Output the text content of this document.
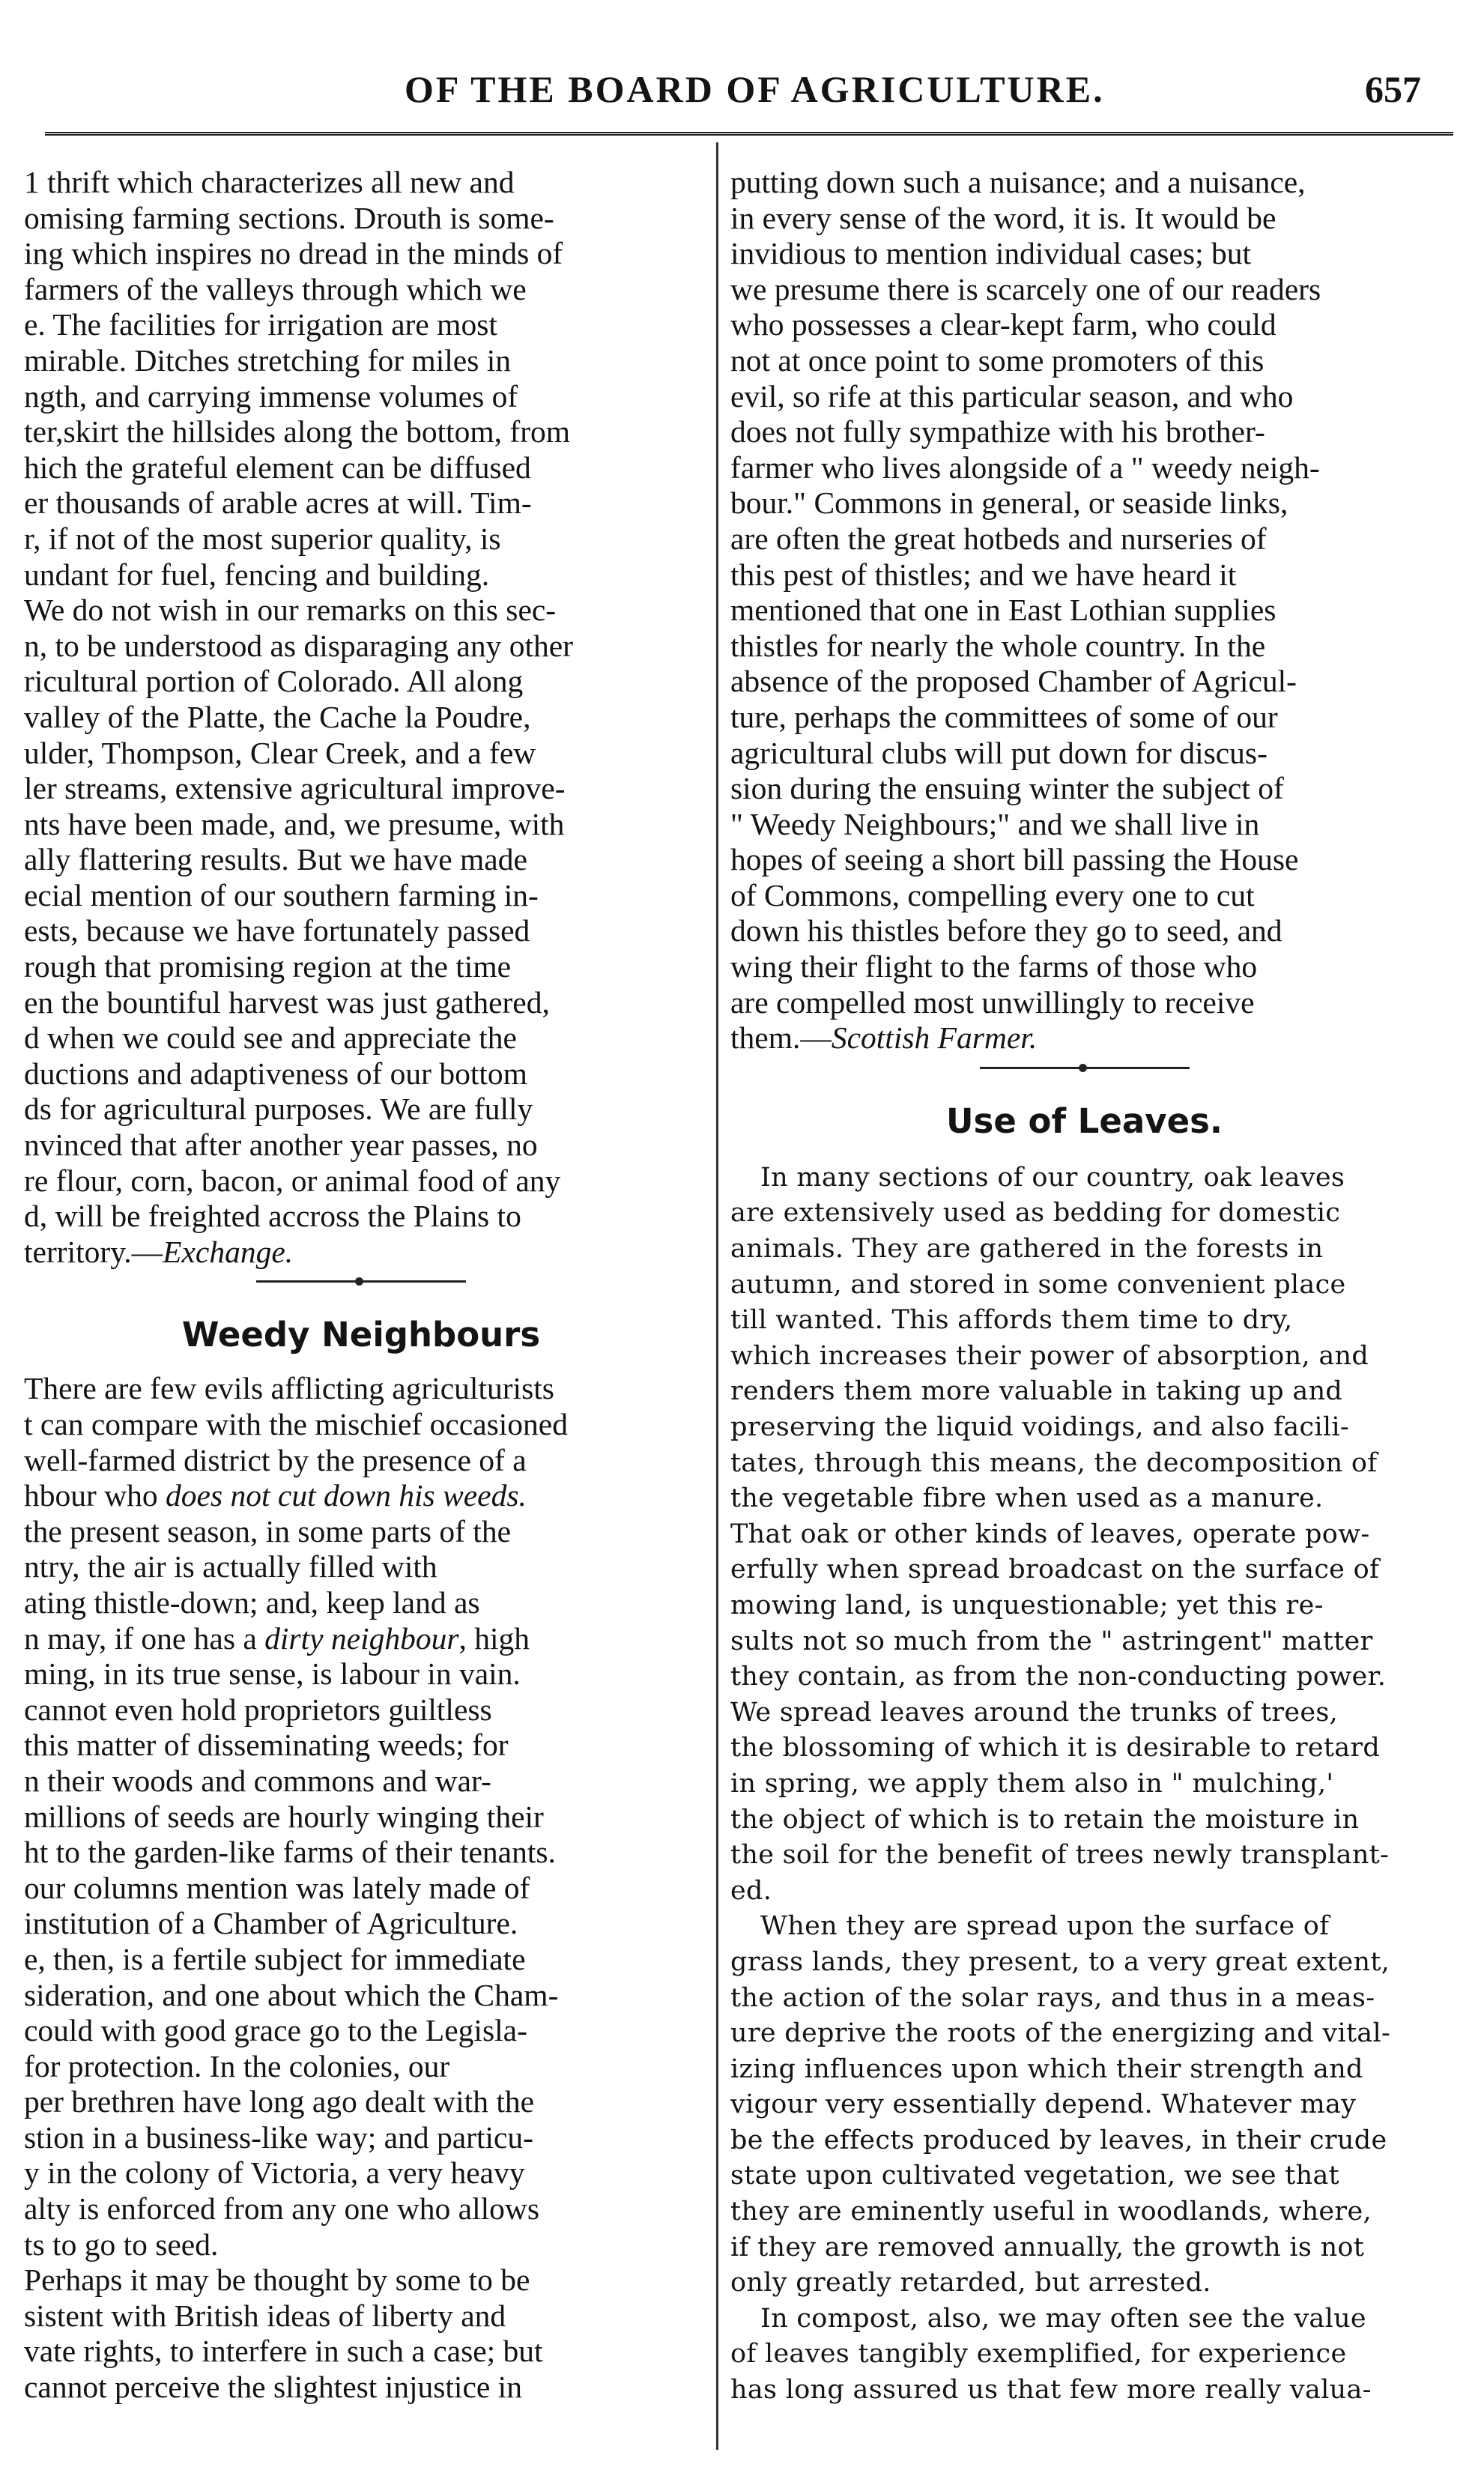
OF THE BOARD OF AGRICULTURE.	657
1 thrift which characterizes all new and
omising farming sections. Drouth is some-
ing which inspires no dread in the minds of
farmers of the valleys through which we
e. The facilities for irrigation are most
mirable. Ditches stretching for miles in
ngth, and carrying immense volumes of
ter,skirt the hillsides along the bottom, from
hich the grateful element can be diffused
er thousands of arable acres at will. Tim-
r, if not of the most superior quality, is
undant for fuel, fencing and building.
We do not wish in our remarks on this sec-
n, to be understood as disparaging any other
ricultural portion of Colorado. All along
valley of the Platte, the Cache la Poudre,
ulder, Thompson, Clear Creek, and a few
ler streams, extensive agricultural improve-
nts have been made, and, we presume, with
ally flattering results. But we have made
ecial mention of our southern farming in-
ests, because we have fortunately passed
rough that promising region at the time
en the bountiful harvest was just gathered,
d when we could see and appreciate the
ductions and adaptiveness of our bottom
ds for agricultural purposes. We are fully
nvinced that after another year passes, no
re flour, corn, bacon, or animal food of any
d, will be freighted accross the Plains to
territory.—Exchange.
Weedy Neighbours
There are few evils afflicting agriculturists
t can compare with the mischief occasioned
well-farmed district by the presence of a
hbour who does not cut down his weeds.
the present season, in some parts of the
ntry, the air is actually filled with
ating thistle-down; and, keep land as
n may, if one has a dirty neighbour, high
ming, in its true sense, is labour in vain.
cannot even hold proprietors guiltless
this matter of disseminating weeds; for
n their woods and commons and war-
millions of seeds are hourly winging their
ht to the garden-like farms of their tenants.
our columns mention was lately made of
institution of a Chamber of Agriculture.
e, then, is a fertile subject for immediate
sideration, and one about which the Cham-
could with good grace go to the Legisla-
for protection. In the colonies, our
per brethren have long ago dealt with the
stion in a business-like way; and particu-
y in the colony of Victoria, a very heavy
alty is enforced from any one who allows
ts to go to seed.
Perhaps it may be thought by some to be
sistent with British ideas of liberty and
vate rights, to interfere in such a case; but
cannot perceive the slightest injustice in
putting down such a nuisance; and a nuisance,
in every sense of the word, it is. It would be
invidious to mention individual cases; but
we presume there is scarcely one of our readers
who possesses a clear-kept farm, who could
not at once point to some promoters of this
evil, so rife at this particular season, and who
does not fully sympathize with his brother-
farmer who lives alongside of a " weedy neigh-
bour." Commons in general, or seaside links,
are often the great hotbeds and nurseries of
this pest of thistles; and we have heard it
mentioned that one in East Lothian supplies
thistles for nearly the whole country. In the
absence of the proposed Chamber of Agricul-
ture, perhaps the committees of some of our
agricultural clubs will put down for discus-
sion during the ensuing winter the subject of
" Weedy Neighbours;" and we shall live in
hopes of seeing a short bill passing the House
of Commons, compelling every one to cut
down his thistles before they go to seed, and
wing their flight to the farms of those who
are compelled most unwillingly to receive
them.—Scottish Farmer.
Use of Leaves.
In many sections of our country, oak leaves
are extensively used as bedding for domestic
animals. They are gathered in the forests in
autumn, and stored in some convenient place
till wanted. This affords them time to dry,
which increases their power of absorption, and
renders them more valuable in taking up and
preserving the liquid voidings, and also facili-
tates, through this means, the decomposition of
the vegetable fibre when used as a manure.
That oak or other kinds of leaves, operate pow-
erfully when spread broadcast on the surface of
mowing land, is unquestionable; yet this re-
sults not so much from the " astringent" matter
they contain, as from the non-conducting power.
We spread leaves around the trunks of trees,
the blossoming of which it is desirable to retard
in spring, we apply them also in " mulching,'
the object of which is to retain the moisture in
the soil for the benefit of trees newly transplant-
ed.
When they are spread upon the surface of
grass lands, they present, to a very great extent,
the action of the solar rays, and thus in a meas-
ure deprive the roots of the energizing and vital-
izing influences upon which their strength and
vigour very essentially depend. Whatever may
be the effects produced by leaves, in their crude
state upon cultivated vegetation, we see that
they are eminently useful in woodlands, where,
if they are removed annually, the growth is not
only greatly retarded, but arrested.
In compost, also, we may often see the value
of leaves tangibly exemplified, for experience
has long assured us that few more really valua-
